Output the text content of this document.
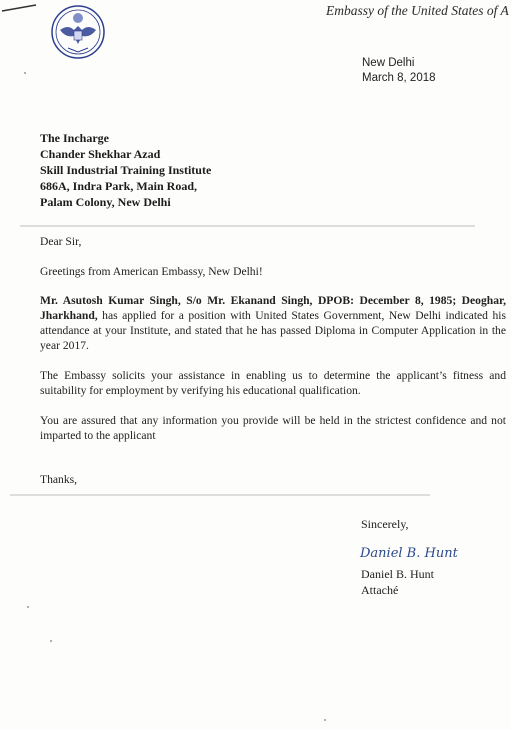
Embassy of the United States of A
New Delhi
March 8, 2018
The Incharge
Chander Shekhar Azad
Skill Industrial Training Institute
686A, Indra Park, Main Road,
Palam Colony, New Delhi
Dear Sir,
Greetings from American Embassy, New Delhi!
Mr. Asutosh Kumar Singh, S/o Mr. Ekanand Singh, DPOB: December 8, 1985; Deoghar, Jharkhand, has applied for a position with United States Government, New Delhi indicated his attendance at your Institute, and stated that he has passed Diploma in Computer Application in the year 2017.
The Embassy solicits your assistance in enabling us to determine the applicant’s fitness and suitability for employment by verifying his educational qualification.
You are assured that any information you provide will be held in the strictest confidence and not imparted to the applicant
Thanks,
Sincerely,
Daniel B. Hunt
Daniel B. Hunt
Attaché
